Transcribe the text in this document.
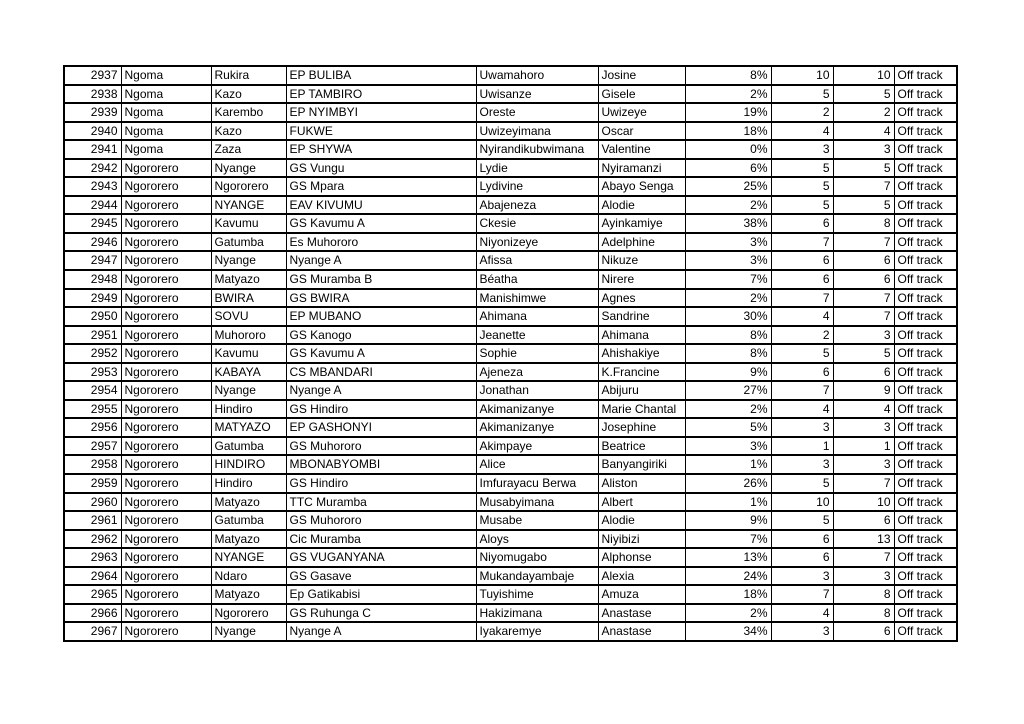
2937	Ngoma	Rukira	EP BULIBA	Uwamahoro	Josine	8%	10	10	Off track
2938	Ngoma	Kazo	EP TAMBIRO	Uwisanze	Gisele	2%	5	5	Off track
2939	Ngoma	Karembo	EP NYIMBYI	Oreste	Uwizeye	19%	2	2	Off track
2940	Ngoma	Kazo	FUKWE	Uwizeyimana	Oscar	18%	4	4	Off track
2941	Ngoma	Zaza	EP SHYWA	Nyirandikubwimana	Valentine	0%	3	3	Off track
2942	Ngororero	Nyange	GS Vungu	Lydie	Nyiramanzi	6%	5	5	Off track
2943	Ngororero	Ngororero	GS Mpara	Lydivine	Abayo Senga	25%	5	7	Off track
2944	Ngororero	NYANGE	EAV KIVUMU	Abajeneza	Alodie	2%	5	5	Off track
2945	Ngororero	Kavumu	GS Kavumu A	Ckesie	Ayinkamiye	38%	6	8	Off track
2946	Ngororero	Gatumba	Es Muhororo	Niyonizeye	Adelphine	3%	7	7	Off track
2947	Ngororero	Nyange	Nyange A	Afissa	Nikuze	3%	6	6	Off track
2948	Ngororero	Matyazo	GS Muramba B	Béatha	Nirere	7%	6	6	Off track
2949	Ngororero	BWIRA	GS BWIRA	Manishimwe	Agnes	2%	7	7	Off track
2950	Ngororero	SOVU	EP MUBANO	Ahimana	Sandrine	30%	4	7	Off track
2951	Ngororero	Muhororo	GS Kanogo	Jeanette	Ahimana	8%	2	3	Off track
2952	Ngororero	Kavumu	GS Kavumu A	Sophie	Ahishakiye	8%	5	5	Off track
2953	Ngororero	KABAYA	CS MBANDARI	Ajeneza	K.Francine	9%	6	6	Off track
2954	Ngororero	Nyange	Nyange A	Jonathan	Abijuru	27%	7	9	Off track
2955	Ngororero	Hindiro	GS Hindiro	Akimanizanye	Marie Chantal	2%	4	4	Off track
2956	Ngororero	MATYAZO	EP GASHONYI	Akimanizanye	Josephine	5%	3	3	Off track
2957	Ngororero	Gatumba	GS Muhororo	Akimpaye	Beatrice	3%	1	1	Off track
2958	Ngororero	HINDIRO	MBONABYOMBI	Alice	Banyangiriki	1%	3	3	Off track
2959	Ngororero	Hindiro	GS Hindiro	Imfurayacu Berwa	Aliston	26%	5	7	Off track
2960	Ngororero	Matyazo	TTC Muramba	Musabyimana	Albert	1%	10	10	Off track
2961	Ngororero	Gatumba	GS Muhororo	Musabe	Alodie	9%	5	6	Off track
2962	Ngororero	Matyazo	Cic Muramba	Aloys	Niyibizi	7%	6	13	Off track
2963	Ngororero	NYANGE	GS VUGANYANA	Niyomugabo	Alphonse	13%	6	7	Off track
2964	Ngororero	Ndaro	GS Gasave	Mukandayambaje	Alexia	24%	3	3	Off track
2965	Ngororero	Matyazo	Ep Gatikabisi	Tuyishime	Amuza	18%	7	8	Off track
2966	Ngororero	Ngororero	GS Ruhunga C	Hakizimana	Anastase	2%	4	8	Off track
2967	Ngororero	Nyange	Nyange A	Iyakaremye	Anastase	34%	3	6	Off track
